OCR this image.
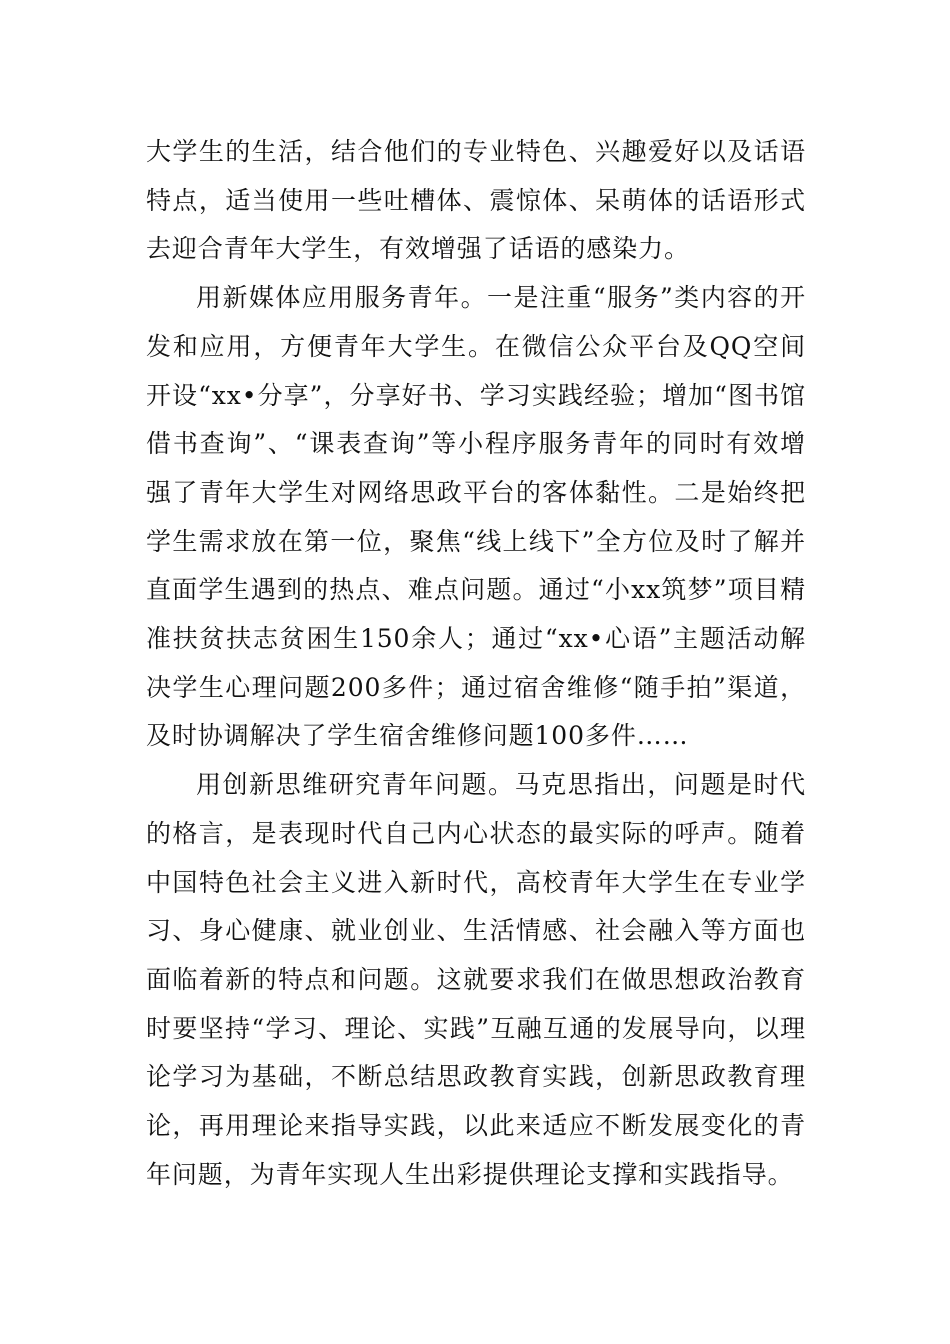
大学生的生活，结合他们的专业特色、兴趣爱好以及话语特点，适当使用一些吐槽体、震惊体、呆萌体的话语形式去迎合青年大学生，有效增强了话语的感染力。

用新媒体应用服务青年。一是注重“服务”类内容的开发和应用，方便青年大学生。在微信公众平台及QQ空间开设“xx•分享”，分享好书、学习实践经验；增加“图书馆借书查询”、“课表查询”等小程序服务青年的同时有效增强了青年大学生对网络思政平台的客体黏性。二是始终把学生需求放在第一位，聚焦“线上线下”全方位及时了解并直面学生遇到的热点、难点问题。通过“小xx筑梦”项目精准扶贫扶志贫困生150余人；通过“xx•心语”主题活动解决学生心理问题200多件；通过宿舍维修“随手拍”渠道，及时协调解决了学生宿舍维修问题100多件……

用创新思维研究青年问题。马克思指出，问题是时代的格言，是表现时代自己内心状态的最实际的呼声。随着中国特色社会主义进入新时代，高校青年大学生在专业学习、身心健康、就业创业、生活情感、社会融入等方面也面临着新的特点和问题。这就要求我们在做思想政治教育时要坚持“学习、理论、实践”互融互通的发展导向，以理论学习为基础，不断总结思政教育实践，创新思政教育理论，再用理论来指导实践，以此来适应不断发展变化的青年问题，为青年实现人生出彩提供理论支撑和实践指导。
